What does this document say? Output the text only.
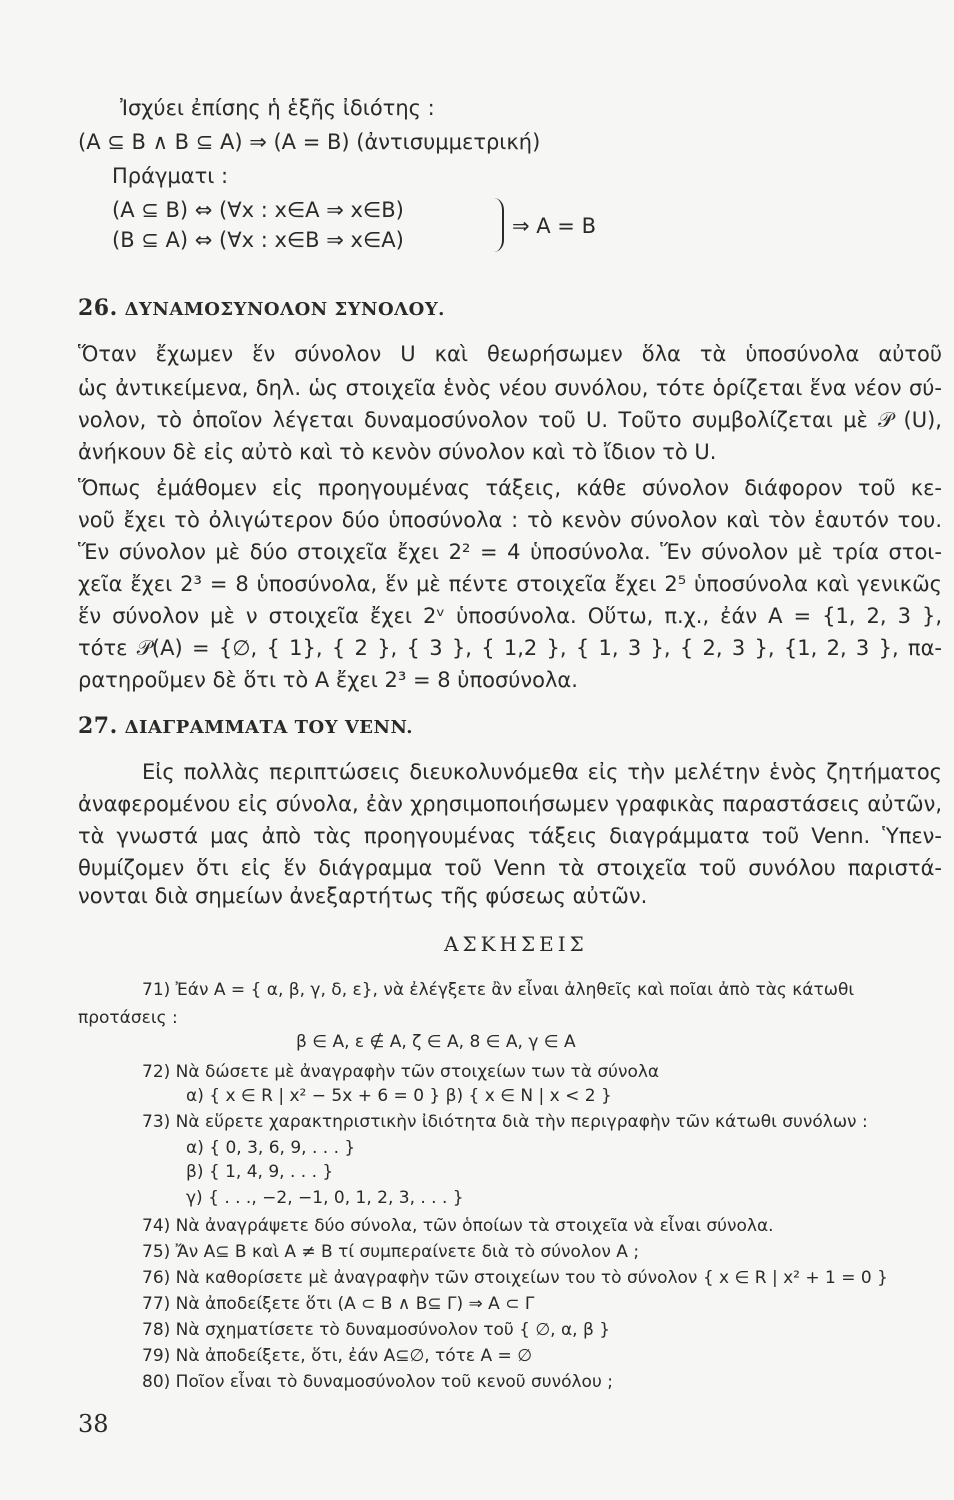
Ἰσχύει ἐπίσης ἡ ἑξῆς ἰδιότης :
(A ⊆ B ∧ B ⊆ A) ⇒ (A = B) (ἀντισυμμετρική)
Πράγματι :
(A ⊆ B) ⇔ (∀x : x∈A ⇒ x∈B)
(B ⊆ A) ⇔ (∀x : x∈B ⇒ x∈A)
⇒ A = B
26. ΔΥΝΑΜΟΣΥΝΟΛΟΝ ΣΥΝΟΛΟΥ.
Ὅταν ἔχωμεν ἕν σύνολον U καὶ θεωρήσωμεν ὅλα τὰ ὑποσύνολα αὐτοῦ
ὡς ἀντικείμενα, δηλ. ὡς στοιχεῖα ἑνὸς νέου συνόλου, τότε ὁρίζεται ἕνα νέον σύ-
νολον, τὸ ὁποῖον λέγεται δυναμοσύνολον τοῦ U. Τοῦτο συμβολίζεται μὲ 𝒫 (U),
ἀνήκουν δὲ εἰς αὐτὸ καὶ τὸ κενὸν σύνολον καὶ τὸ ἴδιον τὸ U.
Ὅπως ἐμάθομεν εἰς προηγουμένας τάξεις, κάθε σύνολον διάφορον τοῦ κε-
νοῦ ἔχει τὸ ὀλιγώτερον δύο ὑποσύνολα : τὸ κενὸν σύνολον καὶ τὸν ἑαυτόν του.
Ἕν σύνολον μὲ δύο στοιχεῖα ἔχει 2² = 4 ὑποσύνολα. Ἕν σύνολον μὲ τρία στοι-
χεῖα ἔχει 2³ = 8 ὑποσύνολα, ἕν μὲ πέντε στοιχεῖα ἔχει 2⁵ ὑποσύνολα καὶ γενικῶς
ἕν σύνολον μὲ ν στοιχεῖα ἔχει 2ᵛ ὑποσύνολα. Οὕτω, π.χ., ἐάν A = {1, 2, 3 },
τότε 𝒫(A) = {∅, { 1}, { 2 }, { 3 }, { 1,2 }, { 1, 3 }, { 2, 3 }, {1, 2, 3 }, πα-
ρατηροῦμεν δὲ ὅτι τὸ A ἔχει 2³ = 8 ὑποσύνολα.
27. ΔΙΑΓΡΑΜΜΑΤΑ ΤΟΥ VENN.
Εἰς πολλὰς περιπτώσεις διευκολυνόμεθα εἰς τὴν μελέτην ἑνὸς ζητήματος
ἀναφερομένου εἰς σύνολα, ἐὰν χρησιμοποιήσωμεν γραφικὰς παραστάσεις αὐτῶν,
τὰ γνωστά μας ἀπὸ τὰς προηγουμένας τάξεις διαγράμματα τοῦ Venn. Ὑπεν-
θυμίζομεν ὅτι εἰς ἕν διάγραμμα τοῦ Venn τὰ στοιχεῖα τοῦ συνόλου παριστά-
νονται διὰ σημείων ἀνεξαρτήτως τῆς φύσεως αὐτῶν.
ΑΣΚΗΣΕΙΣ
71) Ἐάν A = { α, β, γ, δ, ε}, νὰ ἐλέγξετε ἂν εἶναι ἀληθεῖς καὶ ποῖαι ἀπὸ τὰς κάτωθι
προτάσεις :
β ∈ A, ε ∉ A, ζ ∈ A, 8 ∈ A, γ ∈ A
72) Νὰ δώσετε μὲ ἀναγραφὴν τῶν στοιχείων των τὰ σύνολα
α) { x ∈ R | x² − 5x + 6 = 0 } β) { x ∈ N | x < 2 }
73) Νὰ εὕρετε χαρακτηριστικὴν ἰδιότητα διὰ τὴν περιγραφὴν τῶν κάτωθι συνόλων :
α) { 0, 3, 6, 9, . . . }
β) { 1, 4, 9, . . . }
γ) { . . ., −2, −1, 0, 1, 2, 3, . . . }
74) Νὰ ἀναγράψετε δύο σύνολα, τῶν ὁποίων τὰ στοιχεῖα νὰ εἶναι σύνολα.
75) Ἄν A⊆ B καὶ A ≠ B τί συμπεραίνετε διὰ τὸ σύνολον A ;
76) Νὰ καθορίσετε μὲ ἀναγραφὴν τῶν στοιχείων του τὸ σύνολον { x ∈ R | x² + 1 = 0 }
77) Νὰ ἀποδείξετε ὅτι (A ⊂ B ∧ B⊆ Γ) ⇒ A ⊂ Γ
78) Νὰ σχηματίσετε τὸ δυναμοσύνολον τοῦ { ∅, α, β }
79) Νὰ ἀποδείξετε, ὅτι, ἐάν A⊆∅, τότε A = ∅
80) Ποῖον εἶναι τὸ δυναμοσύνολον τοῦ κενοῦ συνόλου ;
38
